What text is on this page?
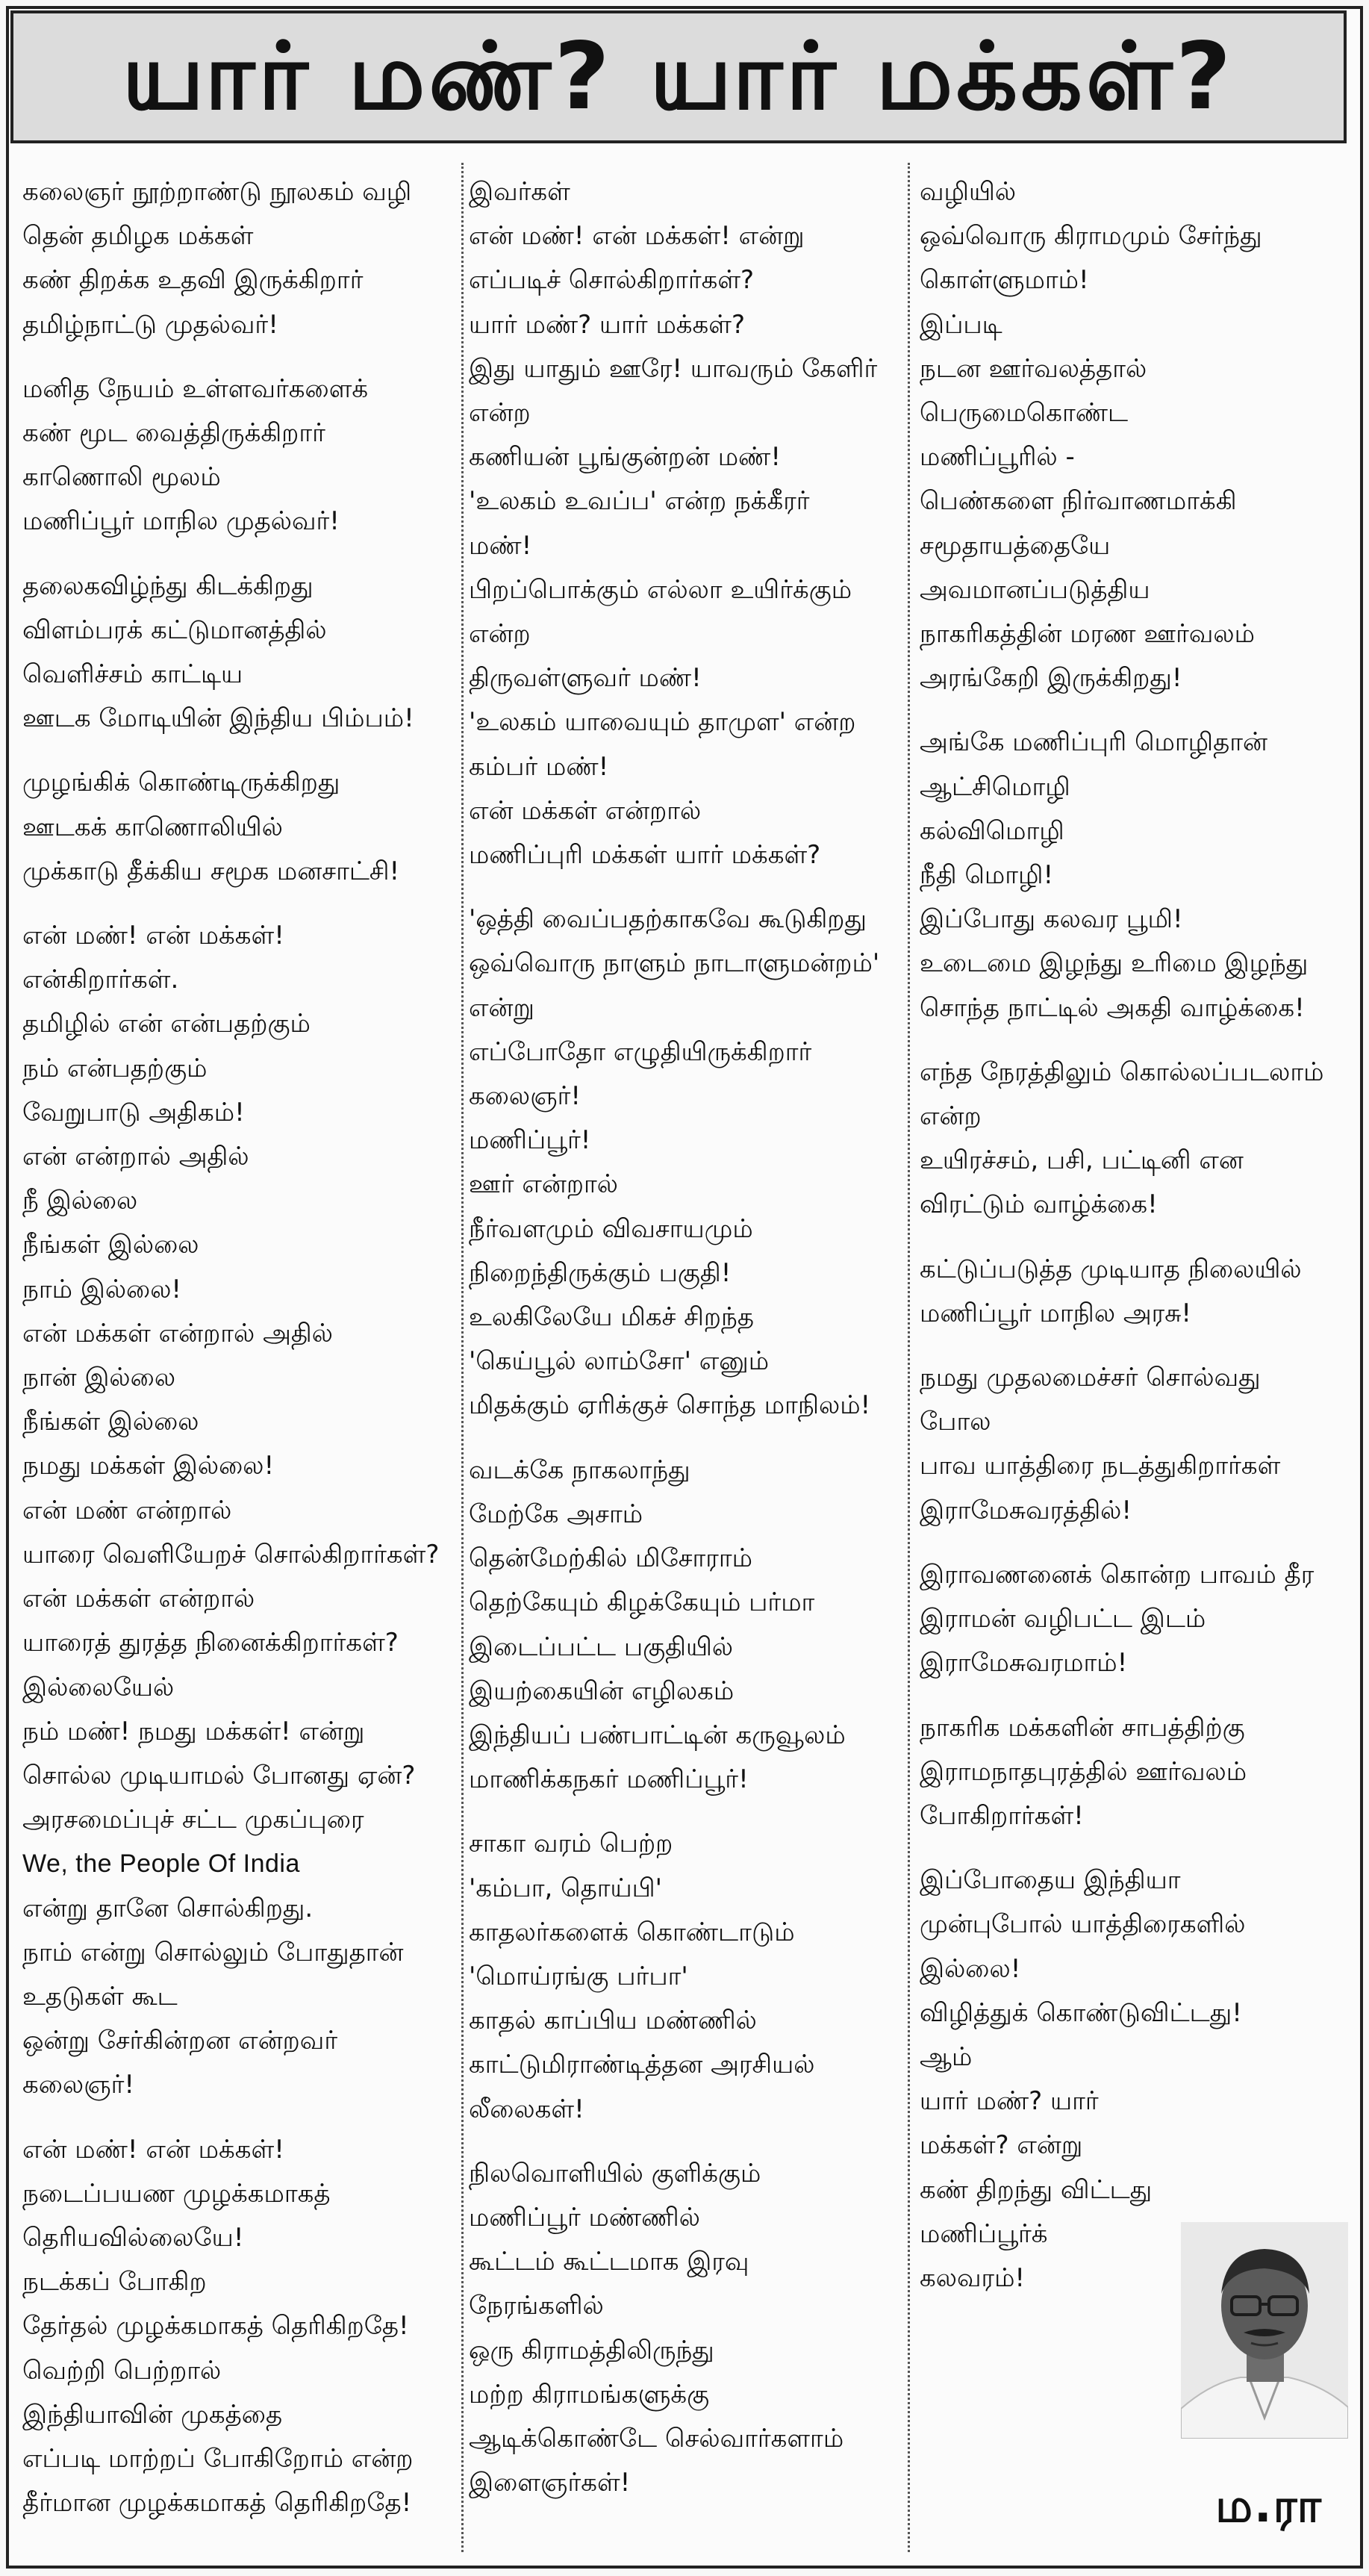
யார் மண்? யார் மக்கள்?
கலைஞர் நூற்றாண்டு நூலகம் வழி
தென் தமிழக மக்கள்
கண் திறக்க உதவி இருக்கிறார்
தமிழ்நாட்டு முதல்வர்!
மனித நேயம் உள்ளவர்களைக்
கண் மூட வைத்திருக்கிறார்
காணொலி மூலம்
மணிப்பூர் மாநில முதல்வர்!
தலைகவிழ்ந்து கிடக்கிறது
விளம்பரக் கட்டுமானத்தில்
வெளிச்சம் காட்டிய
ஊடக மோடியின் இந்திய பிம்பம்!
முழங்கிக் கொண்டிருக்கிறது
ஊடகக் காணொலியில்
முக்காடு தீக்கிய சமூக மனசாட்சி!
என் மண்! என் மக்கள்!
என்கிறார்கள்.
தமிழில் என் என்பதற்கும்
நம் என்பதற்கும்
வேறுபாடு அதிகம்!
என் என்றால் அதில்
நீ இல்லை
நீங்கள் இல்லை
நாம் இல்லை!
என் மக்கள் என்றால் அதில்
நான் இல்லை
நீங்கள் இல்லை
நமது மக்கள் இல்லை!
என் மண் என்றால்
யாரை வெளியேறச் சொல்கிறார்கள்?
என் மக்கள் என்றால்
யாரைத் துரத்த நினைக்கிறார்கள்?
இல்லையேல்
நம் மண்! நமது மக்கள்! என்று
சொல்ல முடியாமல் போனது ஏன்?
அரசமைப்புச் சட்ட முகப்புரை
We, the People Of India
என்று தானே சொல்கிறது.
நாம் என்று சொல்லும் போதுதான்
உதடுகள் கூட
ஒன்று சேர்கின்றன என்றவர்
கலைஞர்!
என் மண்! என் மக்கள்!
நடைப்பயண முழக்கமாகத்
தெரியவில்லையே!
நடக்கப் போகிற
தேர்தல் முழக்கமாகத் தெரிகிறதே!
வெற்றி பெற்றால்
இந்தியாவின் முகத்தை
எப்படி மாற்றப் போகிறோம் என்ற
தீர்மான முழக்கமாகத் தெரிகிறதே!
இவர்கள்
என் மண்! என் மக்கள்! என்று
எப்படிச் சொல்கிறார்கள்?
யார் மண்? யார் மக்கள்?
இது யாதும் ஊரே! யாவரும் கேளிர்
என்ற
கணியன் பூங்குன்றன் மண்!
'உலகம் உவப்ப' என்ற நக்கீரர்
மண்!
பிறப்பொக்கும் எல்லா உயிர்க்கும்
என்ற
திருவள்ளுவர் மண்!
'உலகம் யாவையும் தாமுள' என்ற
கம்பர் மண்!
என் மக்கள் என்றால்
மணிப்புரி மக்கள் யார் மக்கள்?
'ஒத்தி வைப்பதற்காகவே கூடுகிறது
ஒவ்வொரு நாளும் நாடாளுமன்றம்'
என்று
எப்போதோ எழுதியிருக்கிறார்
கலைஞர்!
மணிப்பூர்!
ஊர் என்றால்
நீர்வளமும் விவசாயமும்
நிறைந்திருக்கும் பகுதி!
உலகிலேயே மிகச் சிறந்த
'கெய்பூல் லாம்சோ' எனும்
மிதக்கும் ஏரிக்குச் சொந்த மாநிலம்!
வடக்கே நாகலாந்து
மேற்கே அசாம்
தென்மேற்கில் மிசோராம்
தெற்கேயும் கிழக்கேயும் பர்மா
இடைப்பட்ட பகுதியில்
இயற்கையின் எழிலகம்
இந்தியப் பண்பாட்டின் கருவூலம்
மாணிக்கநகர் மணிப்பூர்!
சாகா வரம் பெற்ற
'கம்பா, தொய்பி'
காதலர்களைக் கொண்டாடும்
'மொய்ரங்கு பர்பா'
காதல் காப்பிய மண்ணில்
காட்டுமிராண்டித்தன அரசியல்
லீலைகள்!
நிலவொளியில் குளிக்கும்
மணிப்பூர் மண்ணில்
கூட்டம் கூட்டமாக இரவு
நேரங்களில்
ஒரு கிராமத்திலிருந்து
மற்ற கிராமங்களுக்கு
ஆடிக்கொண்டே செல்வார்களாம்
இளைஞர்கள்!
வழியில்
ஒவ்வொரு கிராமமும் சேர்ந்து
கொள்ளுமாம்!
இப்படி
நடன ஊர்வலத்தால்
பெருமைகொண்ட
மணிப்பூரில் -
பெண்களை நிர்வாணமாக்கி
சமூதாயத்தையே
அவமானப்படுத்திய
நாகரிகத்தின் மரண ஊர்வலம்
அரங்கேறி இருக்கிறது!
அங்கே மணிப்புரி மொழிதான்
ஆட்சிமொழி
கல்விமொழி
நீதி மொழி!
இப்போது கலவர பூமி!
உடைமை இழந்து உரிமை இழந்து
சொந்த நாட்டில் அகதி வாழ்க்கை!
எந்த நேரத்திலும் கொல்லப்படலாம்
என்ற
உயிரச்சம், பசி, பட்டினி என
விரட்டும் வாழ்க்கை!
கட்டுப்படுத்த முடியாத நிலையில்
மணிப்பூர் மாநில அரசு!
நமது முதலமைச்சர் சொல்வது
போல
பாவ யாத்திரை நடத்துகிறார்கள்
இராமேசுவரத்தில்!
இராவணனைக் கொன்ற பாவம் தீர
இராமன் வழிபட்ட இடம்
இராமேசுவரமாம்!
நாகரிக மக்களின் சாபத்திற்கு
இராமநாதபுரத்தில் ஊர்வலம்
போகிறார்கள்!
இப்போதைய இந்தியா
முன்புபோல் யாத்திரைகளில்
இல்லை!
விழித்துக் கொண்டுவிட்டது!
ஆம்
யார் மண்? யார்
மக்கள்? என்று
கண் திறந்து விட்டது
மணிப்பூர்க்
கலவரம்!
ம.ரா
